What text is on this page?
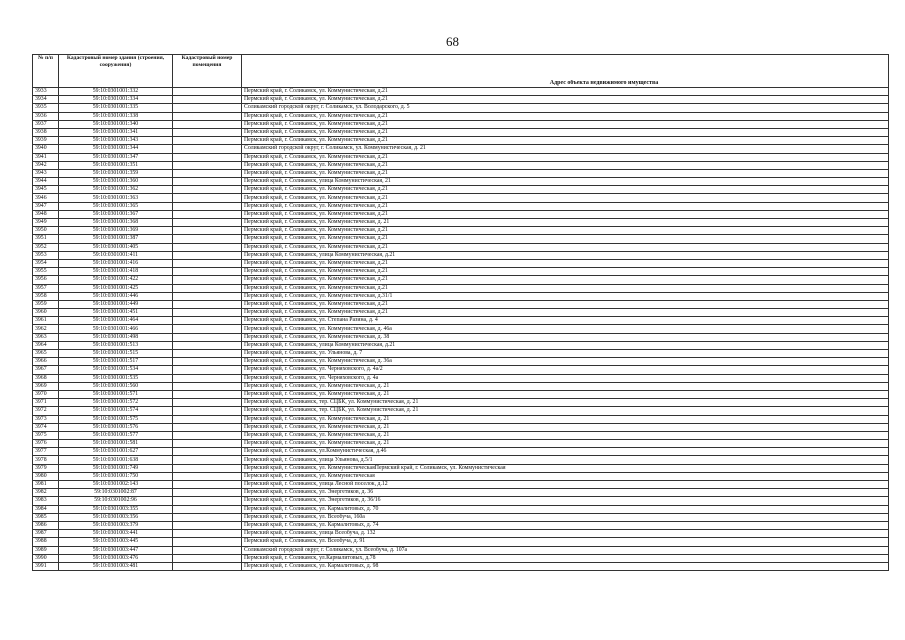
68
№ п/п	Кадастровый номер здания (строения, сооружения)	Кадастровый номер помещения	
			Адрес объекта недвижимого имущества
3933	59:10:0301001:332		Пермский край, г. Соликамск, ул. Коммунистическая, д.21
3934	59:10:0301001:334		Пермский край, г. Соликамск, ул. Коммунистическая, д.21
3935	59:10:0301001:335		Соликамский городской округ, г. Соликамск, ул. Володарского, д. 5
3936	59:10:0301001:338		Пермский край, г. Соликамск, ул. Коммунистическая, д.21
3937	59:10:0301001:340		Пермский край, г. Соликамск, ул. Коммунистическая, д.21
3938	59:10:0301001:341		Пермский край, г. Соликамск, ул. Коммунистическая, д.21
3939	59:10:0301001:343		Пермский край, г. Соликамск, ул. Коммунистическая, д.21
3940	59:10:0301001:344		Соликамский городской округ, г. Соликамск, ул. Коммунистическая, д. 21
3941	59:10:0301001:347		Пермский край, г. Соликамск, ул. Коммунистическая, д.21
3942	59:10:0301001:351		Пермский край, г. Соликамск, ул. Коммунистическая, д.21
3943	59:10:0301001:359		Пермский край, г. Соликамск, ул. Коммунистическая, д.21
3944	59:10:0301001:360		Пермский край, г. Соликамск, улица Коммунистическая, 21
3945	59:10:0301001:362		Пермский край, г. Соликамск, ул. Коммунистическая, д.21
3946	59:10:0301001:363		Пермский край, г. Соликамск, ул. Коммунистическая, д.21
3947	59:10:0301001:365		Пермский край, г. Соликамск, ул. Коммунистическая, д.21
3948	59:10:0301001:367		Пермский край, г. Соликамск, ул. Коммунистическая, д.21
3949	59:10:0301001:368		Пермский край, г. Соликамск, ул. Коммунистическая, д. 21
3950	59:10:0301001:369		Пермский край, г. Соликамск, ул. Коммунистическая, д.21
3951	59:10:0301001:387		Пермский край, г. Соликамск, ул. Коммунистическая, д.21
3952	59:10:0301001:405		Пермский край, г. Соликамск, ул. Коммунистическая, д.21
3953	59:10:0301001:411		Пермский край, г. Соликамск, улица Коммунистическая, д.21
3954	59:10:0301001:416		Пермский край, г. Соликамск, ул. Коммунистическая, д.21
3955	59:10:0301001:418		Пермский край, г. Соликамск, ул. Коммунистическая, д.21
3956	59:10:0301001:422		Пермский край, г. Соликамск, ул. Коммунистическая, д.21
3957	59:10:0301001:425		Пермский край, г. Соликамск, ул. Коммунистическая, д.21
3958	59:10:0301001:446		Пермский край, г. Соликамск, ул. Коммунистическая, д.31/1
3959	59:10:0301001:449		Пермский край, г. Соликамск, ул. Коммунистическая, д.21
3960	59:10:0301001:451		Пермский край, г. Соликамск, ул. Коммунистическая, д.21
3961	59:10:0301001:464		Пермский край, г. Соликамск, ул. Степана Разина, д. 4
3962	59:10:0301001:466		Пермский край, г. Соликамск, ул. Коммунистическая, д. 46а
3963	59:10:0301001:498		Пермский край, г. Соликамск, ул. Коммунистическая, д. 38
3964	59:10:0301001:513		Пермский край, г. Соликамск, улица Коммунистическая, д.21
3965	59:10:0301001:515		Пермский край, г. Соликамск, ул. Ульянова, д. 7
3966	59:10:0301001:517		Пермский край, г. Соликамск, ул. Коммунистическая, д. 36а
3967	59:10:0301001:534		Пермский край, г. Соликамск, ул. Черняховского, д. 4а/2
3968	59:10:0301001:535		Пермский край, г. Соликамск, ул. Черняховского, д. 4а
3969	59:10:0301001:560		Пермский край, г. Соликамск, ул. Коммунистическая, д. 21
3970	59:10:0301001:571		Пермский край, г. Соликамск, ул. Коммунистическая, д. 21
3971	59:10:0301001:572		Пермский край, г. Соликамск, тер. СЦБК, ул. Коммунистическая, д. 21
3972	59:10:0301001:574		Пермский край, г. Соликамск, тер. СЦБК, ул. Коммунистическая, д. 21
3973	59:10:0301001:575		Пермский край, г. Соликамск, ул. Коммунистическая, д. 21
3974	59:10:0301001:576		Пермский край, г. Соликамск, ул. Коммунистическая, д. 21
3975	59:10:0301001:577		Пермский край, г. Соликамск, ул. Коммунистическая, д. 21
3976	59:10:0301001:581		Пермский край, г. Соликамск, ул. Коммунистическая, д. 21
3977	59:10:0301001:627		Пермский край, г. Соликамск, ул.Коммунистическая, д.46
3978	59:10:0301001:638		Пермский край, г. Соликамск, улица Ульянова, д.5/1
3979	59:10:0301001:749		Пермский край, г. Соликамск, ул. КоммунистическаяПермский край, г. Соликамск, ул. Коммунистическая
3980	59:10:0301001:750		Пермский край, г. Соликамск, ул. Коммунистическая
3981	59:10:0301002:143		Пермский край, г. Соликамск, улица Лесной поселок, д.12
3982	59:10:0301002:87		Пермский край, г. Соликамск, ул. Энергетиков, д. 36
3983	59:10:0301002:96		Пермский край, г. Соликамск, ул. Энергетиков, д. 36/16
3984	59:10:0301003:355		Пермский край, г. Соликамск, ул. Кармалитовых, д. 70
3985	59:10:0301003:356		Пермский край, г. Соликамск, ул. Всеобуча, 160а
3986	59:10:0301003:379		Пермский край, г. Соликамск, ул. Кармалитовых, д. 74
3987	59:10:0301003:441		Пермский край, г. Соликамск, улица Всеобуча, д. 132
3988	59:10:0301003:445		Пермский край, г. Соликамск, ул. Всеобуча, д. 91
3989	59:10:0301003:447		Соликамский городской округ, г. Соликамск, ул. Всеобуча, д. 107а
3990	59:10:0301003:476		Пермский край, г. Соликамск, ул.Кармалитовых, д.78
3991	59:10:0301003:481		Пермский край, г. Соликамск, ул. Кармалитовых, д. 98
